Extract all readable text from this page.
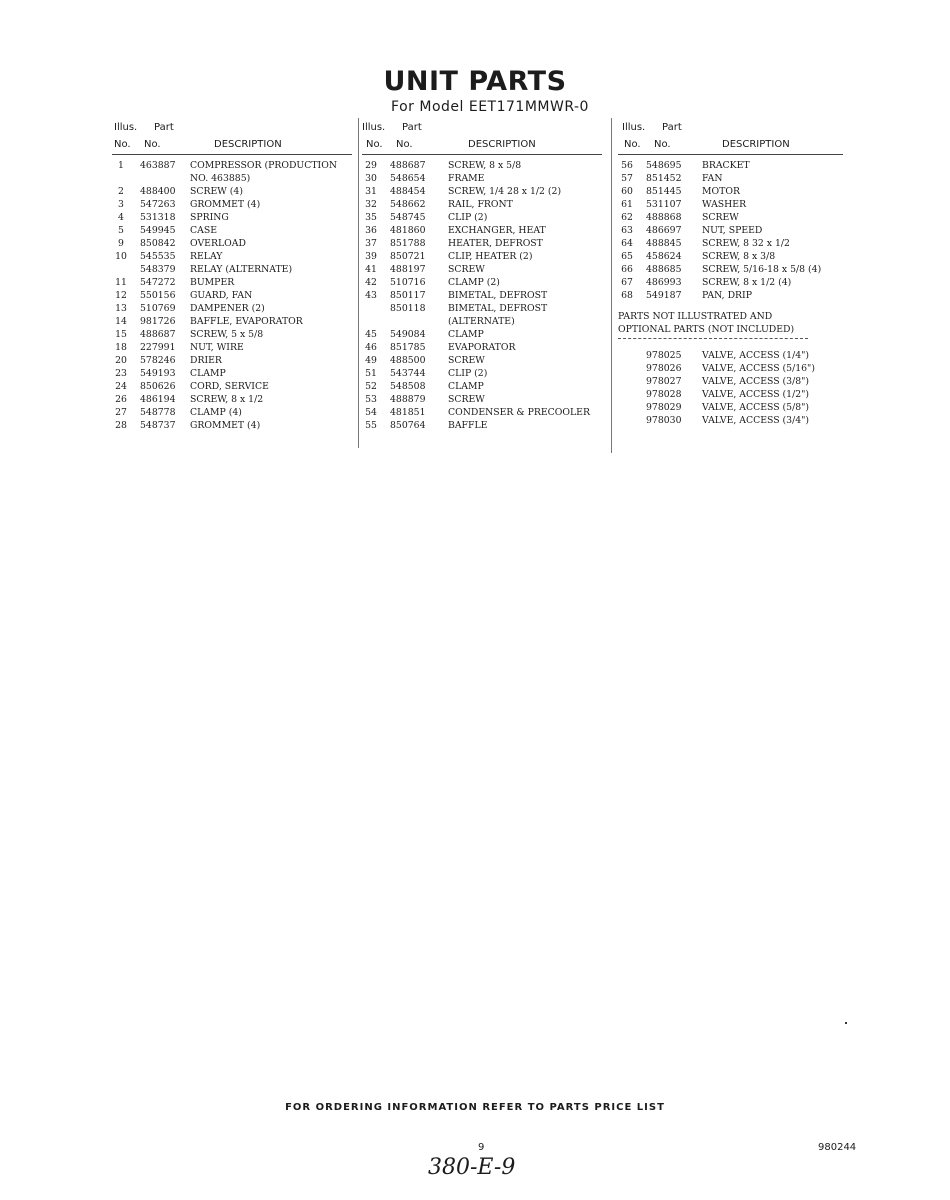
UNIT PARTS
For Model EET171MMWR-0
Illus. Part
No. No.	DESCRIPTION
1	463887 COMPRESSOR (PRODUCTION
NO. 463885)
2	488400 SCREW (4)
3	547263 GROMMET (4)
4	531318 SPRING
5	549945 CASE
9	850842 OVERLOAD
10	545535 RELAY
548379 RELAY (ALTERNATE)
11	547272 BUMPER
12	550156 GUARD, FAN
13	510769 DAMPENER (2)
14	981726 BAFFLE, EVAPORATOR
15	488687 SCREW, 5 x 5/8
18	227991 NUT, WIRE
20	578246 DRIER
23	549193 CLAMP
24	850626 CORD, SERVICE
26	486194 SCREW, 8 x 1/2
27	548778 CLAMP (4)
28	548737 GROMMET (4)
Illus. Part
No. No.	DESCRIPTION
29	488687 SCREW, 8 x 5/8
30	548654 FRAME
31	488454 SCREW, 1/4 28 x 1/2 (2)
32	548662 RAIL, FRONT
35	548745 CLIP (2)
36	481860 EXCHANGER, HEAT
37	851788 HEATER, DEFROST
39	850721 CLIP, HEATER (2)
41	488197 SCREW
42	510716 CLAMP (2)
43	850117 BIMETAL, DEFROST
850118 BIMETAL, DEFROST
(ALTERNATE)
45	549084 CLAMP
46	851785 EVAPORATOR
49	488500 SCREW
51	543744 CLIP (2)
52	548508 CLAMP
53	488879 SCREW
54	481851 CONDENSER & PRECOOLER
55	850764 BAFFLE
Illus. Part
No. No.	DESCRIPTION
56	548695 BRACKET
57	851452 FAN
60	851445 MOTOR
61	531107 WASHER
62	488868 SCREW
63	486697 NUT, SPEED
64	488845 SCREW, 8 32 x 1/2
65	458624 SCREW, 8 x 3/8
66	488685 SCREW, 5/16-18 x 5/8 (4)
67	486993 SCREW, 8 x 1/2 (4)
68	549187 PAN, DRIP
PARTS NOT ILLUSTRATED AND
OPTIONAL PARTS (NOT INCLUDED)
978025 VALVE, ACCESS (1/4")
978026 VALVE, ACCESS (5/16")
978027 VALVE, ACCESS (3/8")
978028 VALVE, ACCESS (1/2")
978029 VALVE, ACCESS (5/8")
978030 VALVE, ACCESS (3/4")
FOR ORDERING INFORMATION REFER TO PARTS PRICE LIST
9	980244
380-E-9
